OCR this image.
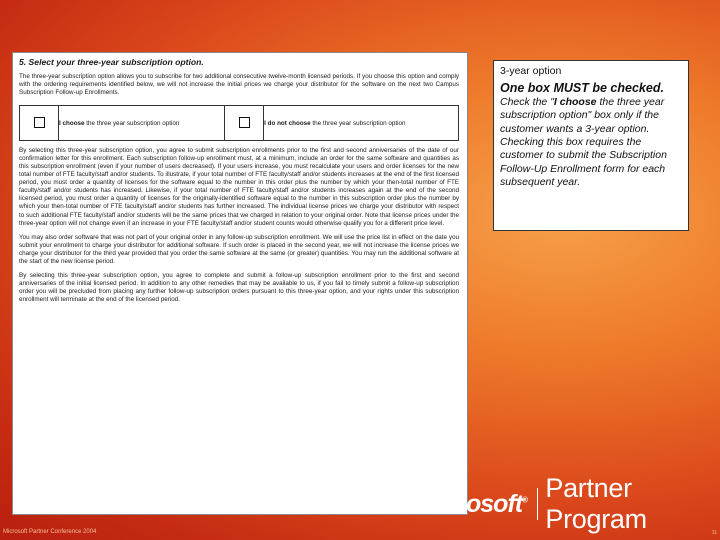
5. Select your three-year subscription option.

The three-year subscription option allows you to subscribe for two additional consecutive twelve-month licensed periods. If you choose this option and comply with the ordering requirements identified below, we will not increase the initial prices we charge your distributor for the software on the next two Campus Subscription Follow-up Enrollments.

	I choose the three year subscription option		I do not choose the three year subscription option

By selecting this three-year subscription option, you agree to submit subscription enrollments prior to the first and second anniversaries of the date of our confirmation letter for this enrollment. Each subscription follow-up enrollment must, at a minimum, include an order for the same software and quantities as this subscription enrollment (even if your number of users decreased). If your users increase, you must recalculate your users and order licenses for the new total number of FTE faculty/staff and/or students. To illustrate, if your total number of FTE faculty/staff and/or students increases at the end of the first licensed period, you must order a quantity of licenses for the software equal to the number in this order plus the number by which your then-total number of FTE faculty/staff and/or students has increased. Likewise, if your total number of FTE faculty/staff and/or students increases again at the end of the second licensed period, you must order a quantity of licenses for the originally-identified software equal to the number in this subscription order plus the number by which your then-total number of FTE faculty/staff and/or students has further increased. The individual license prices we charge your distributor with respect to such additional FTE faculty/staff and/or students will be the same prices that we charged in relation to your original order. Note that license prices under the three-year option will not change even if an increase in your FTE faculty/staff and/or student counts would otherwise qualify you for a different price level.

You may also order software that was not part of your original order in any follow-up subscription enrollment. We will use the price list in effect on the date you submit your enrollment to charge your distributor for additional software. If such order is placed in the second year, we will not increase the license prices we charge your distributor for the third year provided that you order the same software at the same (or greater) quantities. You may run the additional software at the start of the new license period.

By selecting this three-year subscription option, you agree to complete and submit a follow-up subscription enrollment prior to the first and second anniversaries of the initial licensed period. In addition to any other remedies that may be available to us, if you fail to timely submit a follow-up subscription order you will be precluded from placing any further follow-up subscription orders pursuant to this three-year option, and your rights under this subscription enrollment will terminate at the end of the licensed period.

3-year option

One box MUST be checked.

Check the "I choose the three year subscription option" box only if the customer wants a 3-year option. Checking this box requires the customer to submit the Subscription Follow-Up Enrollment form for each subsequent year.

osoft® Partner Program
Microsoft Partner Conference 2004	11
